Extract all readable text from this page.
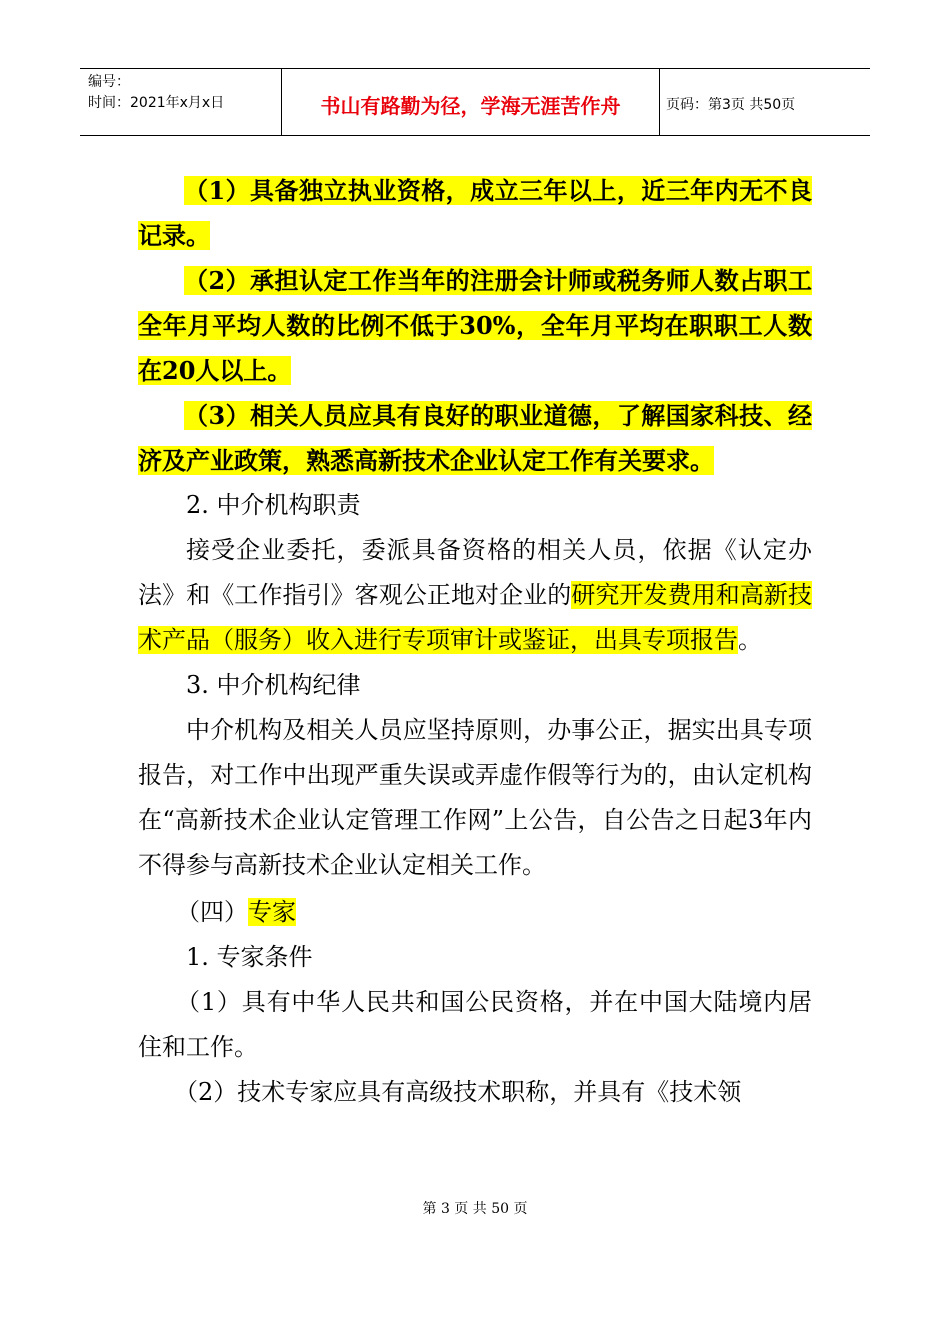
编号：
时间：2021年x月x日	书山有路勤为径，学海无涯苦作舟	页码：第3页 共50页

（1）具备独立执业资格，成立三年以上，近三年内无不良记录。

（2）承担认定工作当年的注册会计师或税务师人数占职工全年月平均人数的比例不低于30%，全年月平均在职职工人数在20人以上。

（3）相关人员应具有良好的职业道德，了解国家科技、经济及产业政策，熟悉高新技术企业认定工作有关要求。

2. 中介机构职责

接受企业委托，委派具备资格的相关人员，依据《认定办法》和《工作指引》客观公正地对企业的研究开发费用和高新技术产品（服务）收入进行专项审计或鉴证，出具专项报告。

3. 中介机构纪律

中介机构及相关人员应坚持原则，办事公正，据实出具专项报告，对工作中出现严重失误或弄虚作假等行为的，由认定机构在“高新技术企业认定管理工作网”上公告，自公告之日起3年内不得参与高新技术企业认定相关工作。

（四）专家

1. 专家条件

（1）具有中华人民共和国公民资格，并在中国大陆境内居住和工作。

（2）技术专家应具有高级技术职称，并具有《技术领

第 3 页 共 50 页
